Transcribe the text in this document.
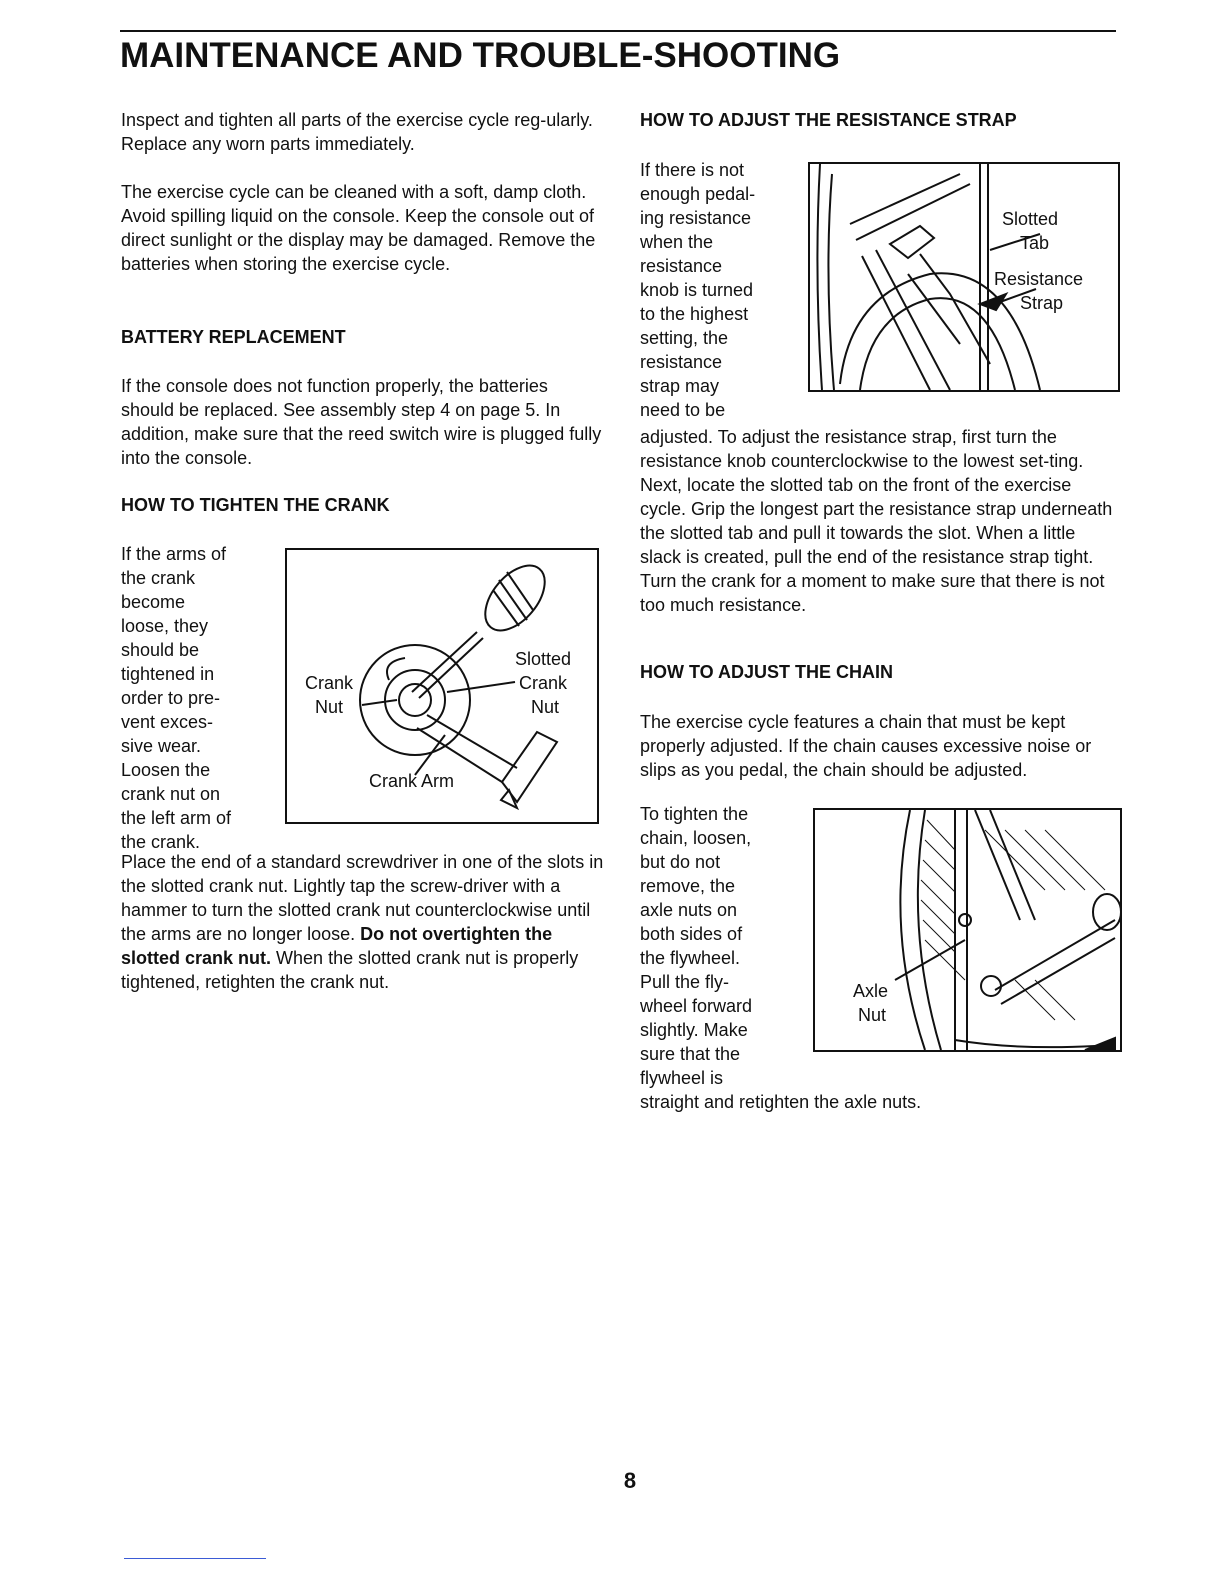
MAINTENANCE AND TROUBLE-SHOOTING

Inspect and tighten all parts of the exercise cycle reg-ularly. Replace any worn parts immediately.

The exercise cycle can be cleaned with a soft, damp cloth. Avoid spilling liquid on the console. Keep the console out of direct sunlight or the display may be damaged. Remove the batteries when storing the exercise cycle.

BATTERY REPLACEMENT

If the console does not function properly, the batteries should be replaced. See assembly step 4 on page 5. In addition, make sure that the reed switch wire is plugged fully into the console.

HOW TO TIGHTEN THE CRANK
If the arms of
the crank
become
loose, they
should be
tightened in
order to pre-
vent exces-
sive wear.
Loosen the
crank nut on
the left arm of
the crank.
Crank
Nut
Slotted
Crank
Nut
Crank Arm

Place the end of a standard screwdriver in one of the slots in the slotted crank nut. Lightly tap the screw-driver with a hammer to turn the slotted crank nut counterclockwise until the arms are no longer loose. Do not overtighten the slotted crank nut. When the slotted crank nut is properly tightened, retighten the crank nut.

HOW TO ADJUST THE RESISTANCE STRAP
If there is not
enough pedal-
ing resistance
when the
resistance
knob is turned
to the highest
setting, the
resistance
strap may
need to be
Slotted
Tab
Resistance
Strap

adjusted. To adjust the resistance strap, first turn the resistance knob counterclockwise to the lowest set-ting. Next, locate the slotted tab on the front of the exercise cycle. Grip the longest part the resistance strap underneath the slotted tab and pull it towards the slot. When a little slack is created, pull the end of the resistance strap tight. Turn the crank for a moment to make sure that there is not too much resistance.

HOW TO ADJUST THE CHAIN

The exercise cycle features a chain that must be kept properly adjusted. If the chain causes excessive noise or slips as you pedal, the chain should be adjusted.

To tighten the
chain, loosen,
but do not
remove, the
axle nuts on
both sides of
the flywheel.
Pull the fly-
wheel forward
slightly. Make
sure that the
flywheel is
Axle
Nut

straight and retighten the axle nuts.

8
